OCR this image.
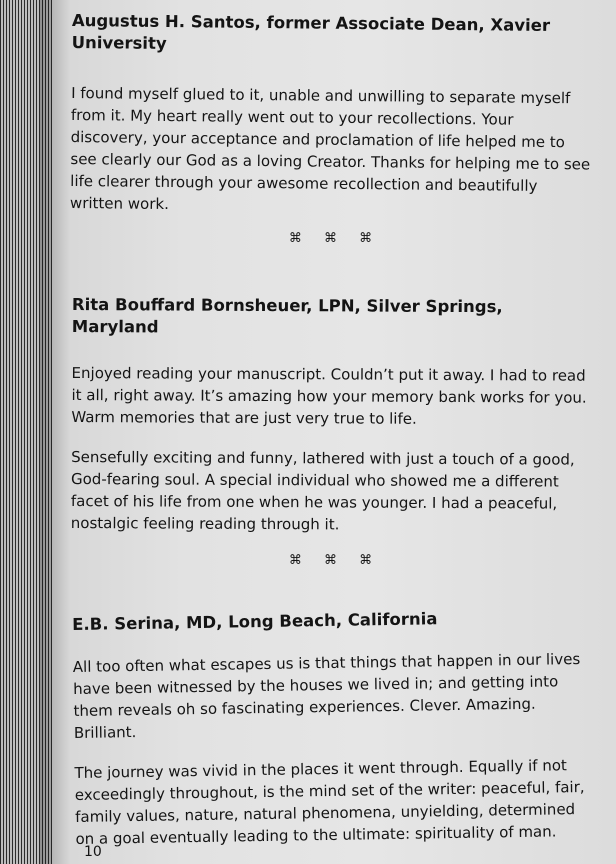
Augustus H. Santos, former Associate Dean, Xavier University

I found myself glued to it, unable and unwilling to separate myself from it. My heart really went out to your recollections. Your discovery, your acceptance and proclamation of life helped me to see clearly our God as a loving Creator. Thanks for helping me to see life clearer through your awesome recollection and beautifully written work.

⌘ ⌘ ⌘
Rita Bouffard Bornsheuer, LPN, Silver Springs, Maryland

Enjoyed reading your manuscript. Couldn’t put it away. I had to read it all, right away. It’s amazing how your memory bank works for you. Warm memories that are just very true to life.

Sensefully exciting and funny, lathered with just a touch of a good, God-fearing soul. A special individual who showed me a different facet of his life from one when he was younger. I had a peaceful, nostalgic feeling reading through it.

⌘ ⌘ ⌘
E.B. Serina, MD, Long Beach, California

All too often what escapes us is that things that happen in our lives have been witnessed by the houses we lived in; and getting into them reveals oh so fascinating experiences. Clever. Amazing. Brilliant.

The journey was vivid in the places it went through. Equally if not exceedingly throughout, is the mind set of the writer: peaceful, fair, family values, nature, natural phenomena, unyielding, determined on a goal eventually leading to the ultimate: spirituality of man.

10
